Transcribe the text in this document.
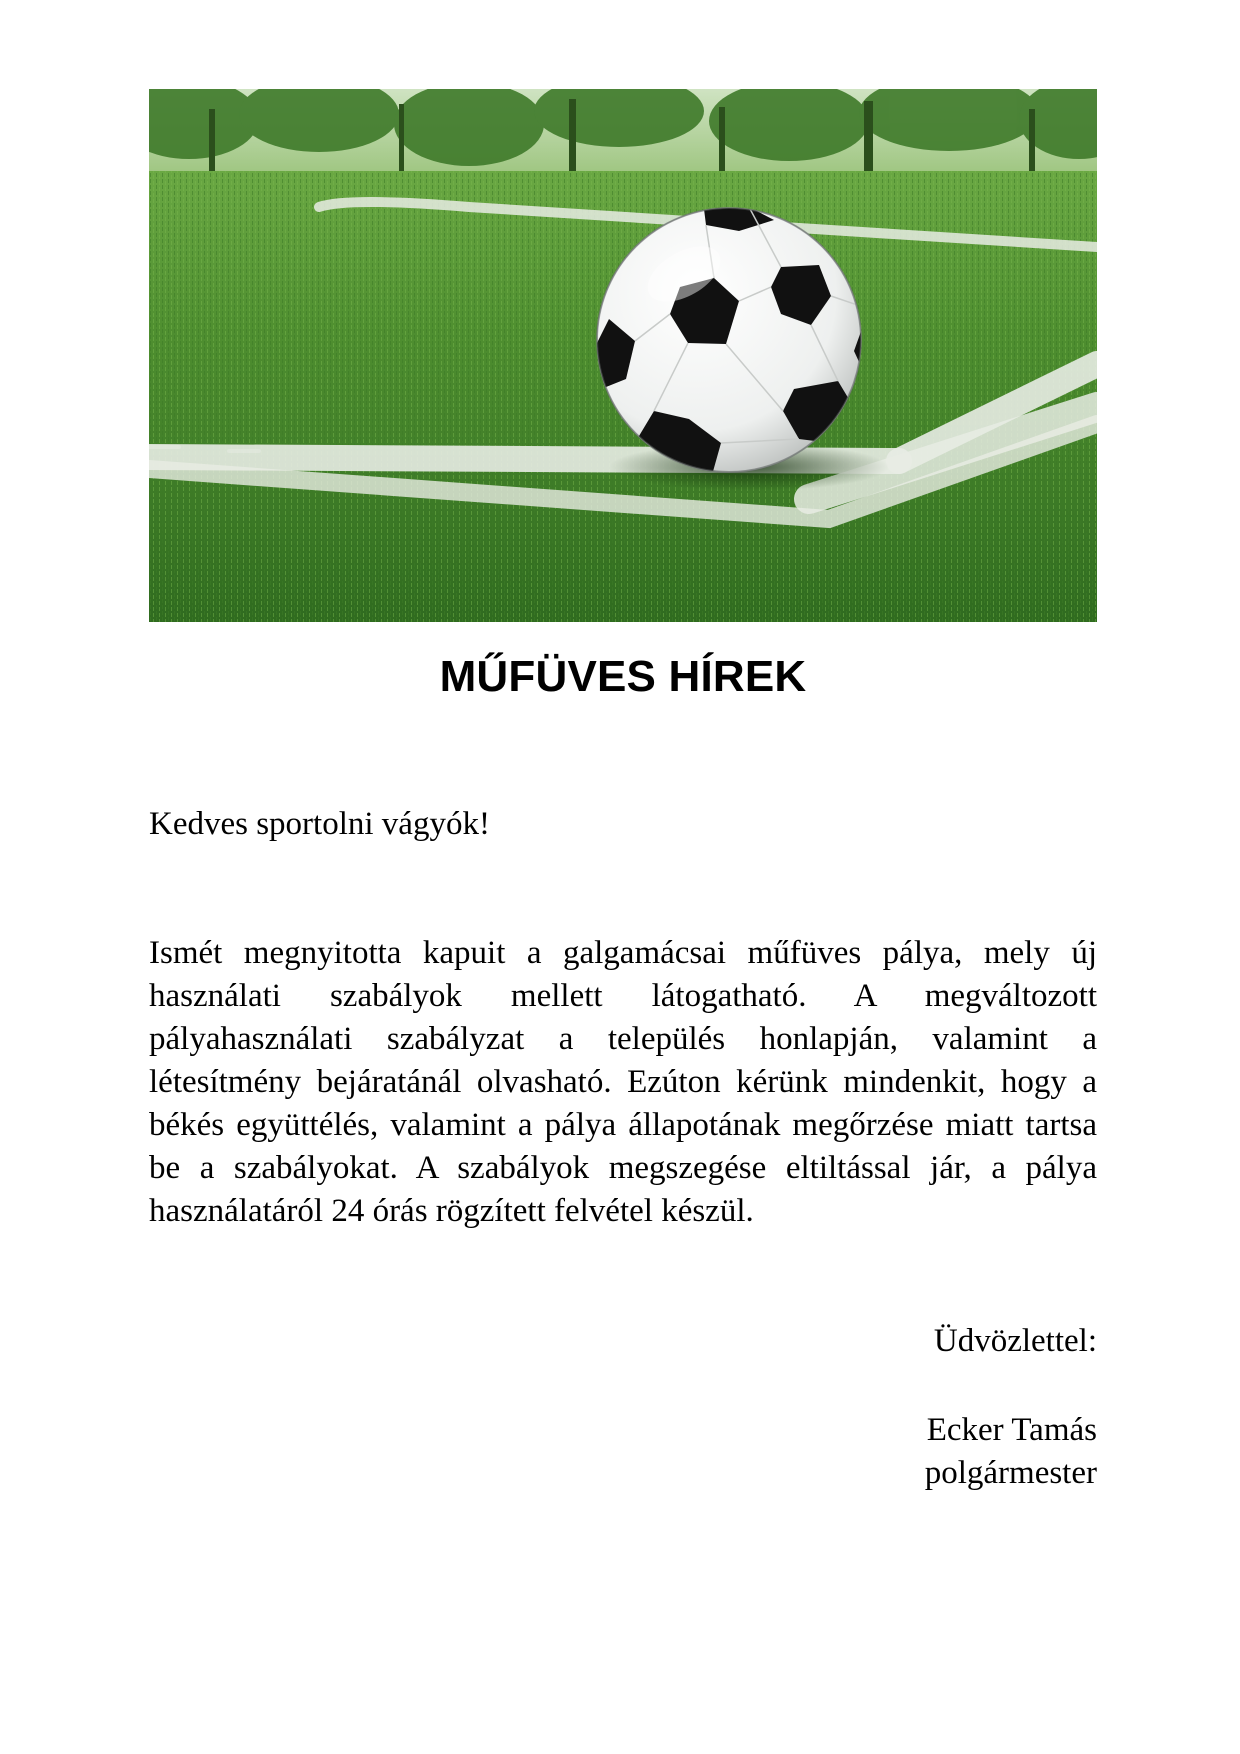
MŰFÜVES HÍREK
Kedves sportolni vágyók!

Ismét megnyitotta kapuit a galgamácsai műfüves pálya, mely új használati szabályok mellett látogatható. A megváltozott pályahasználati szabályzat a település honlapján, valamint a létesítmény bejáratánál olvasható. Ezúton kérünk mindenkit, hogy a békés együttélés, valamint a pálya állapotának megőrzése miatt tartsa be a szabályokat. A szabályok megszegése eltiltással jár, a pálya használatáról 24 órás rögzített felvétel készül.

Üdvözlettel:
Ecker Tamás
polgármester
